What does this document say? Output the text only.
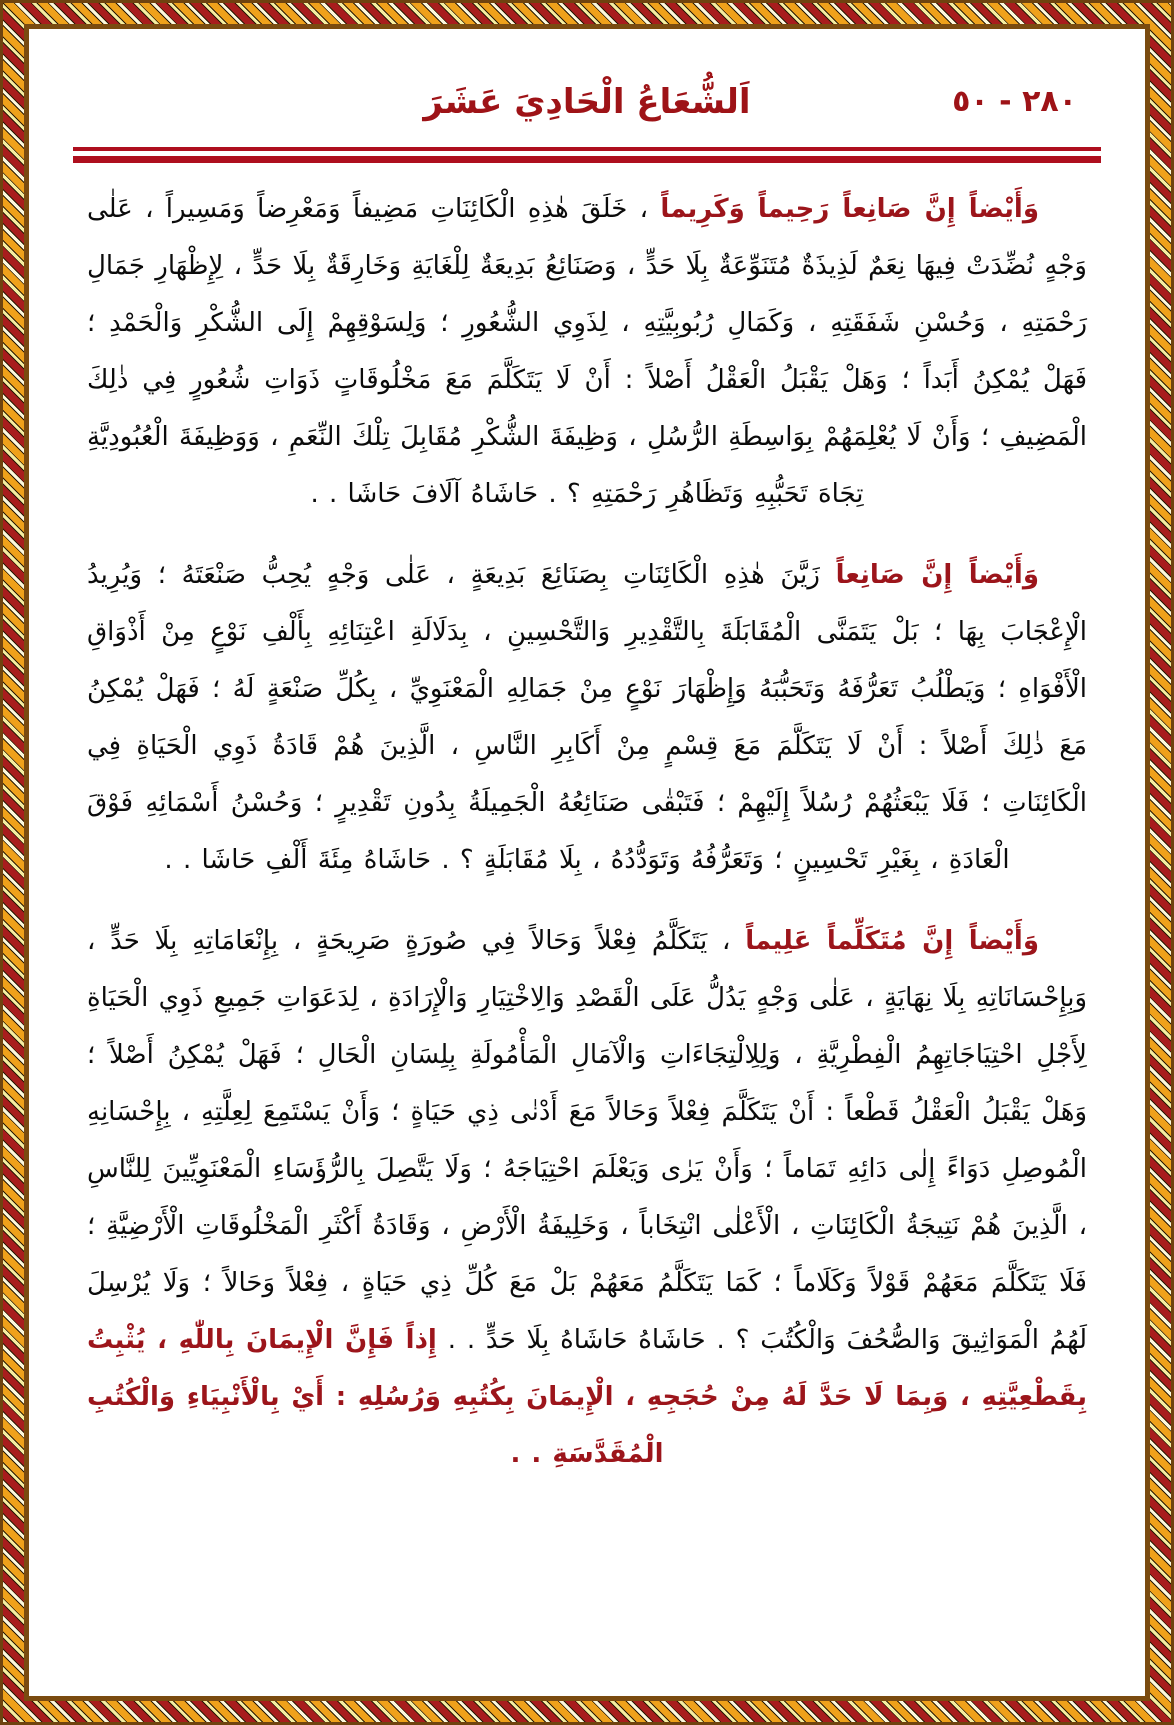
اَلشُّعَاعُ الْحَادِيَ عَشَرَ	٢٨٠ - ٥٠

وَأَيْضاً إِنَّ صَانِعاً رَحِيماً وَكَرِيماً ، خَلَقَ هٰذِهِ الْكَائِنَاتِ مَضِيفاً وَمَعْرِضاً وَمَسِيراً ، عَلٰى وَجْهٍ نُضِّدَتْ فِيهَا نِعَمٌ لَذِيذَةٌ مُتَنَوِّعَةٌ بِلَا حَدٍّ ، وَصَنَائِعُ بَدِيعَةٌ لِلْغَايَةِ وَخَارِقَةٌ بِلَا حَدٍّ ، لِإِظْهَارِ جَمَالِ رَحْمَتِهِ ، وَحُسْنِ شَفَقَتِهِ ، وَكَمَالِ رُبُوبِيَّتِهِ ، لِذَوِي الشُّعُورِ ؛ وَلِسَوْقِهِمْ إِلَى الشُّكْرِ وَالْحَمْدِ ؛ فَهَلْ يُمْكِنُ أَبَداً ؛ وَهَلْ يَقْبَلُ الْعَقْلُ أَصْلاً : أَنْ لَا يَتَكَلَّمَ مَعَ مَخْلُوقَاتٍ ذَوَاتِ شُعُورٍ فِي ذٰلِكَ الْمَضِيفِ ؛ وَأَنْ لَا يُعْلِمَهُمْ بِوَاسِطَةِ الرُّسُلِ ، وَظِيفَةَ الشُّكْرِ مُقَابِلَ تِلْكَ النِّعَمِ ، وَوَظِيفَةَ الْعُبُودِيَّةِ تِجَاهَ تَحَبُّبِهِ وَتَظَاهُرِ رَحْمَتِهِ ؟ . حَاشَاهُ آلَافَ حَاشَا . .

وَأَيْضاً إِنَّ صَانِعاً زَيَّنَ هٰذِهِ الْكَائِنَاتِ بِصَنَائِعَ بَدِيعَةٍ ، عَلٰى وَجْهٍ يُحِبُّ صَنْعَتَهُ ؛ وَيُرِيدُ الْإِعْجَابَ بِهَا ؛ بَلْ يَتَمَنَّى الْمُقَابَلَةَ بِالتَّقْدِيرِ وَالتَّحْسِينِ ، بِدَلَالَةِ اعْتِنَائِهِ بِأَلْفِ نَوْعٍ مِنْ أَذْوَاقِ الْأَفْوَاهِ ؛ وَيَطْلُبُ تَعَرُّفَهُ وَتَحَبُّبَهُ وَإِظْهَارَ نَوْعٍ مِنْ جَمَالِهِ الْمَعْنَوِيِّ ، بِكُلِّ صَنْعَةٍ لَهُ ؛ فَهَلْ يُمْكِنُ مَعَ ذٰلِكَ أَصْلاً : أَنْ لَا يَتَكَلَّمَ مَعَ قِسْمٍ مِنْ أَكَابِرِ النَّاسِ ، الَّذِينَ هُمْ قَادَةُ ذَوِي الْحَيَاةِ فِي الْكَائِنَاتِ ؛ فَلَا يَبْعَثُهُمْ رُسُلاً إِلَيْهِمْ ؛ فَتَبْقٰى صَنَائِعُهُ الْجَمِيلَةُ بِدُونِ تَقْدِيرٍ ؛ وَحُسْنُ أَسْمَائِهِ فَوْقَ الْعَادَةِ ، بِغَيْرِ تَحْسِينٍ ؛ وَتَعَرُّفُهُ وَتَوَدُّدُهُ ، بِلَا مُقَابَلَةٍ ؟ . حَاشَاهُ مِئَةَ أَلْفِ حَاشَا . .

وَأَيْضاً إِنَّ مُتَكَلِّماً عَلِيماً ، يَتَكَلَّمُ فِعْلاً وَحَالاً فِي صُورَةٍ صَرِيحَةٍ ، بِإِنْعَامَاتِهِ بِلَا حَدٍّ ، وَبِإِحْسَانَاتِهِ بِلَا نِهَايَةٍ ، عَلٰى وَجْهٍ يَدُلُّ عَلَى الْقَصْدِ وَالِاخْتِيَارِ وَالْإِرَادَةِ ، لِدَعَوَاتِ جَمِيعِ ذَوِي الْحَيَاةِ لِأَجْلِ احْتِيَاجَاتِهِمُ الْفِطْرِيَّةِ ، وَلِلِالْتِجَاءَاتِ وَالْآمَالِ الْمَأْمُولَةِ بِلِسَانِ الْحَالِ ؛ فَهَلْ يُمْكِنُ أَصْلاً ؛ وَهَلْ يَقْبَلُ الْعَقْلُ قَطْعاً : أَنْ يَتَكَلَّمَ فِعْلاً وَحَالاً مَعَ أَدْنٰى ذِي حَيَاةٍ ؛ وَأَنْ يَسْتَمِعَ لِعِلَّتِهِ ، بِإِحْسَانِهِ الْمُوصِلِ دَوَاءً إِلٰى دَائِهِ تَمَاماً ؛ وَأَنْ يَرٰى وَيَعْلَمَ احْتِيَاجَهُ ؛ وَلَا يَتَّصِلَ بِالرُّؤَسَاءِ الْمَعْنَوِيِّينَ لِلنَّاسِ ، الَّذِينَ هُمْ نَتِيجَةُ الْكَائِنَاتِ ، الْأَعْلٰى انْتِخَاباً ، وَخَلِيفَةُ الْأَرْضِ ، وَقَادَةُ أَكْثَرِ الْمَخْلُوقَاتِ الْأَرْضِيَّةِ ؛ فَلَا يَتَكَلَّمَ مَعَهُمْ قَوْلاً وَكَلَاماً ؛ كَمَا يَتَكَلَّمُ مَعَهُمْ بَلْ مَعَ كُلِّ ذِي حَيَاةٍ ، فِعْلاً وَحَالاً ؛ وَلَا يُرْسِلَ لَهُمُ الْمَوَاثِيقَ وَالصُّحُفَ وَالْكُتُبَ ؟ . حَاشَاهُ حَاشَاهُ بِلَا حَدٍّ . . إِذاً فَإِنَّ الْإِيمَانَ بِاللّٰهِ ، يُثْبِتُ بِقَطْعِيَّتِهِ ، وَبِمَا لَا حَدَّ لَهُ مِنْ حُجَجِهِ ، الْإِيمَانَ بِكُتُبِهِ وَرُسُلِهِ : أَيْ بِالْأَنْبِيَاءِ وَالْكُتُبِ الْمُقَدَّسَةِ . .
